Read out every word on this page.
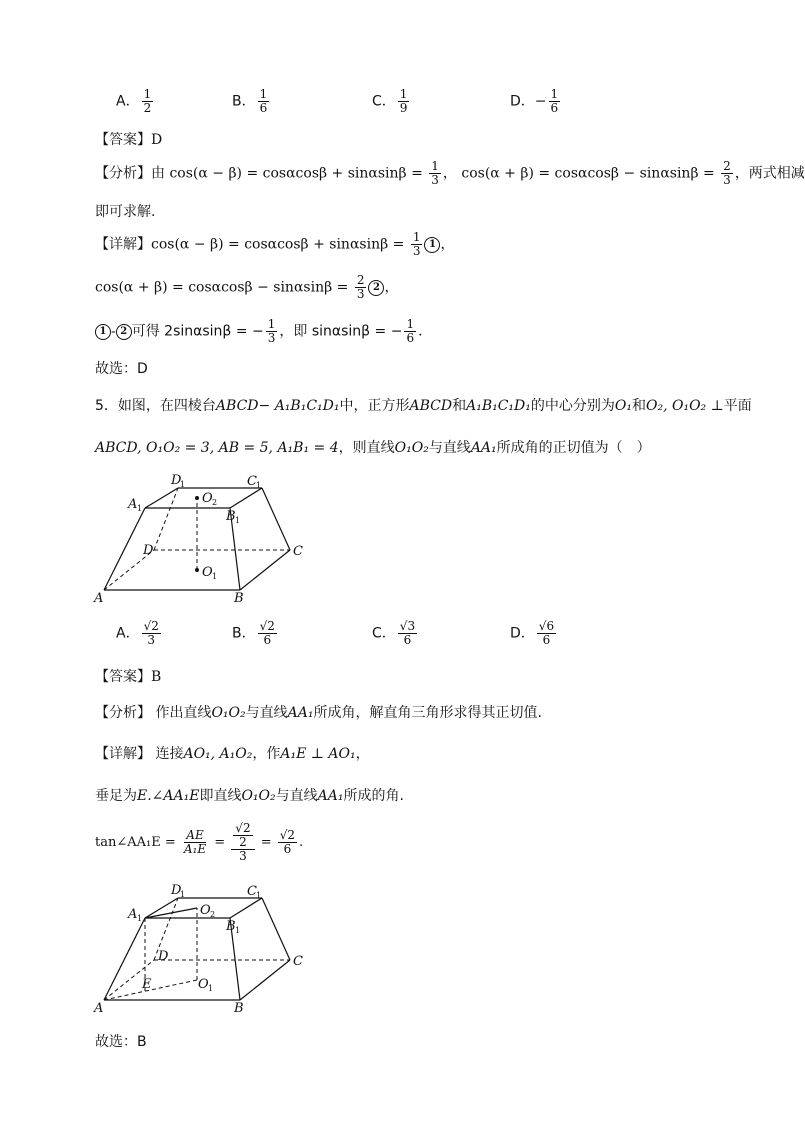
A． $\frac{1}{2}$	B． $\frac{1}{6}$	C． $\frac{1}{9}$	D．− $\frac{1}{6}$
【答案】D
【分析】由 $\cos(\alpha - \beta) = \cos\alpha\cos\beta + \sin\alpha\sin\beta = \frac{1}{3}$ ， $\cos(\alpha + \beta) = \cos\alpha\cos\beta - \sin\alpha\sin\beta = \frac{2}{3}$ ，两式相减
即可求解.
【详解】$\cos(\alpha - \beta) = \cos\alpha\cos\beta + \sin\alpha\sin\beta = \frac{1}{3} 1$ ，
$\cos(\alpha + \beta) = \cos\alpha\cos\beta - \sin\alpha\sin\beta = \frac{2}{3} 2$ ，
1 - 2 可得 2sinαsinβ = − $\frac{1}{3}$ ，即 sinαsinβ = − $\frac{1}{6}$ .
故选：D
5．如图，在四棱台ABCD− A₁B₁C₁D₁中，正方形ABCD和A₁B₁C₁D₁的中心分别为O₁和O₂, O₁O₂ ⊥平面
ABCD, O₁O₂ = 3, AB = 5, A₁B₁ = 4，则直线O₁O₂与直线AA₁所成角的正切值为（　）
A	B
C
D
A
B
C
D
O
O
1
1
1
1
2
1
A． $\frac{√2}{3}$	B． $\frac{√2}{6}$	C． $\frac{√3}{6}$	D． $\frac{√6}{6}$
【答案】B
【分析】 作出直线O₁O₂与直线AA₁所成角，解直角三角形求得其正切值.
【详解】 连接AO₁, A₁O₂，作A₁E ⊥ AO₁，
垂足为E.∠AA₁E即直线O₁O₂与直线AA₁所成的角.
tan∠AA₁E = $\frac{AE}{\text{A₁E}} = \frac{\frac{√2}{2}}{3} = \frac{√2}{6}$ .
A	B
C
D
A
B
C
D
O
O
E
1
1
1
1
2
1
故选：B
